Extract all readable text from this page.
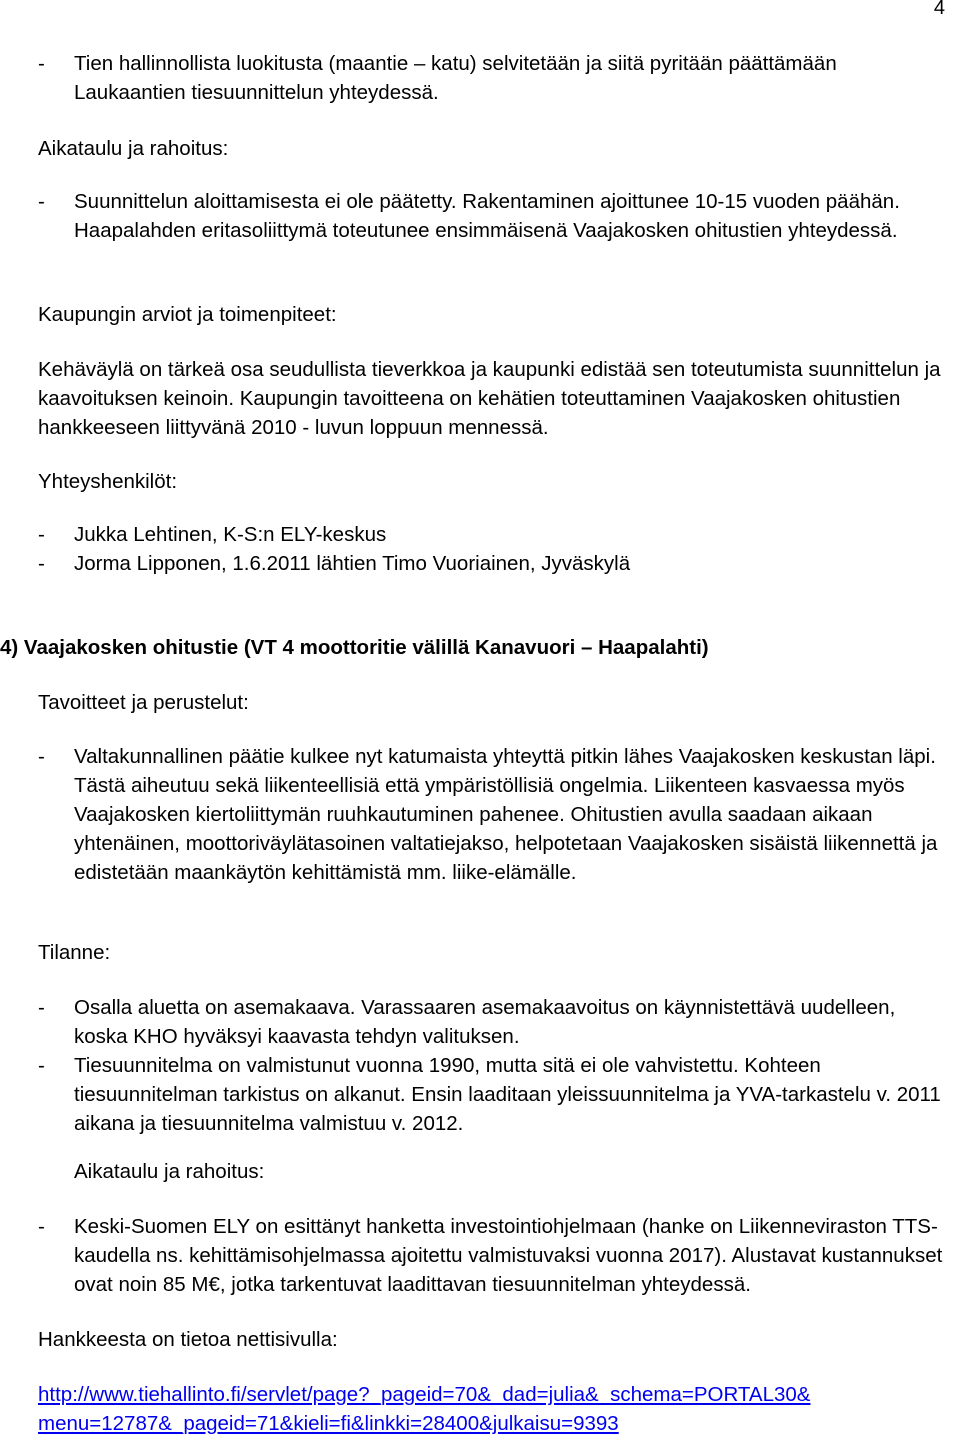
4
- Tien hallinnollista luokitusta (maantie – katu) selvitetään ja siitä pyritään päättämään Laukaantien tiesuunnittelun yhteydessä.
Aikataulu ja rahoitus:
- Suunnittelun aloittamisesta ei ole päätetty. Rakentaminen ajoittunee 10-15 vuoden päähän. Haapalahden eritasoliittymä toteutunee ensimmäisenä Vaajakosken ohitustien yhteydessä.
Kaupungin arviot ja toimenpiteet:
Kehäväylä on tärkeä osa seudullista tieverkkoa ja kaupunki edistää sen toteutumista suunnittelun ja kaavoituksen keinoin. Kaupungin tavoitteena on kehätien toteuttaminen Vaajakosken ohitustien hankkeeseen liittyvänä 2010 - luvun loppuun mennessä.
Yhteyshenkilöt:
- Jukka Lehtinen, K-S:n ELY-keskus
- Jorma Lipponen, 1.6.2011 lähtien Timo Vuoriainen, Jyväskylä
4) Vaajakosken ohitustie (VT 4 moottoritie välillä Kanavuori – Haapalahti)
Tavoitteet ja perustelut:
- Valtakunnallinen päätie kulkee nyt katumaista yhteyttä pitkin lähes Vaajakosken keskustan läpi. Tästä aiheutuu sekä liikenteellisiä että ympäristöllisiä ongelmia. Liikenteen kasvaessa myös Vaajakosken kiertoliittymän ruuhkautuminen pahenee. Ohitustien avulla saadaan aikaan yhtenäinen, moottoriväylätasoinen valtatiejakso, helpotetaan Vaajakosken sisäistä liikennettä ja edistetään maankäytön kehittämistä mm. liike-elämälle.
Tilanne:
- Osalla aluetta on asemakaava. Varassaaren asemakaavoitus on käynnistettävä uudelleen, koska KHO hyväksyi kaavasta tehdyn valituksen.
- Tiesuunnitelma on valmistunut vuonna 1990, mutta sitä ei ole vahvistettu. Kohteen tiesuunnitelman tarkistus on alkanut. Ensin laaditaan yleissuunnitelma ja YVA-tarkastelu v. 2011 aikana ja tiesuunnitelma valmistuu v. 2012.
Aikataulu ja rahoitus:
- Keski-Suomen ELY on esittänyt hanketta investointiohjelmaan (hanke on Liikenneviraston TTS-kaudella ns. kehittämisohjelmassa ajoitettu valmistuvaksi vuonna 2017). Alustavat kustannukset ovat noin 85 M€, jotka tarkentuvat laadittavan tiesuunnitelman yhteydessä.
Hankkeesta on tietoa nettisivulla:
http://www.tiehallinto.fi/servlet/page?_pageid=70&_dad=julia&_schema=PORTAL30&
menu=12787&_pageid=71&kieli=fi&linkki=28400&julkaisu=9393
